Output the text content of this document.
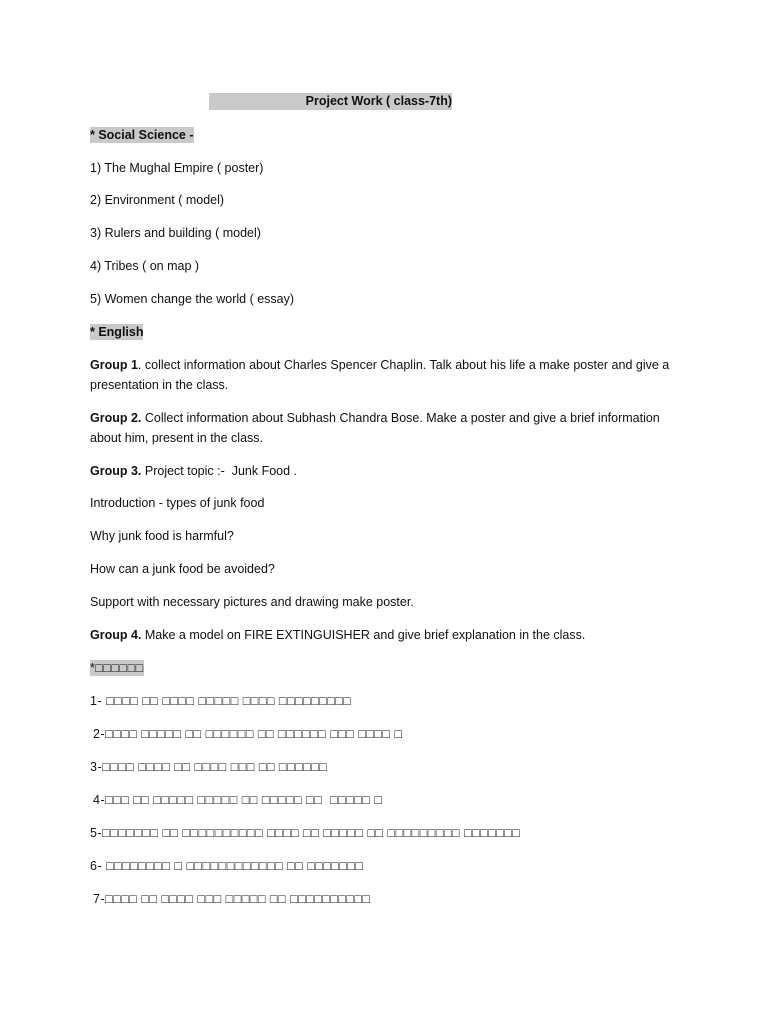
Project Work ( class-7th)
* Social Science -
1) The Mughal Empire ( poster)
2) Environment ( model)
3) Rulers and building ( model)
4) Tribes ( on map )
5) Women change the world ( essay)
* English
Group 1. collect information about Charles Spencer Chaplin. Talk about his life a make poster and give a presentation in the class.
Group 2. Collect information about Subhash Chandra Bose. Make a poster and give a brief information about him, present in the class.
Group 3. Project topic :-  Junk Food .
Introduction - types of junk food
Why junk food is harmful?
How can a junk food be avoided?
Support with necessary pictures and drawing make poster.
Group 4. Make a model on FIRE EXTINGUISHER and give brief explanation in the class.
*□□□□□□
1- □□□□ □□ □□□□ □□□□□ □□□□ □□□□□□□□□
2-□□□□ □□□□□ □□ □□□□□□ □□ □□□□□□ □□□ □□□□ □
3-□□□□ □□□□ □□ □□□□ □□□ □□ □□□□□□
4-□□□ □□ □□□□□ □□□□□ □□ □□□□□ □□  □□□□□ □
5-□□□□□□□ □□ □□□□□□□□□□ □□□□ □□ □□□□□ □□ □□□□□□□□□ □□□□□□□
6- □□□□□□□□ □ □□□□□□□□□□□□ □□ □□□□□□□
7-□□□□ □□ □□□□ □□□ □□□□□ □□ □□□□□□□□□□
